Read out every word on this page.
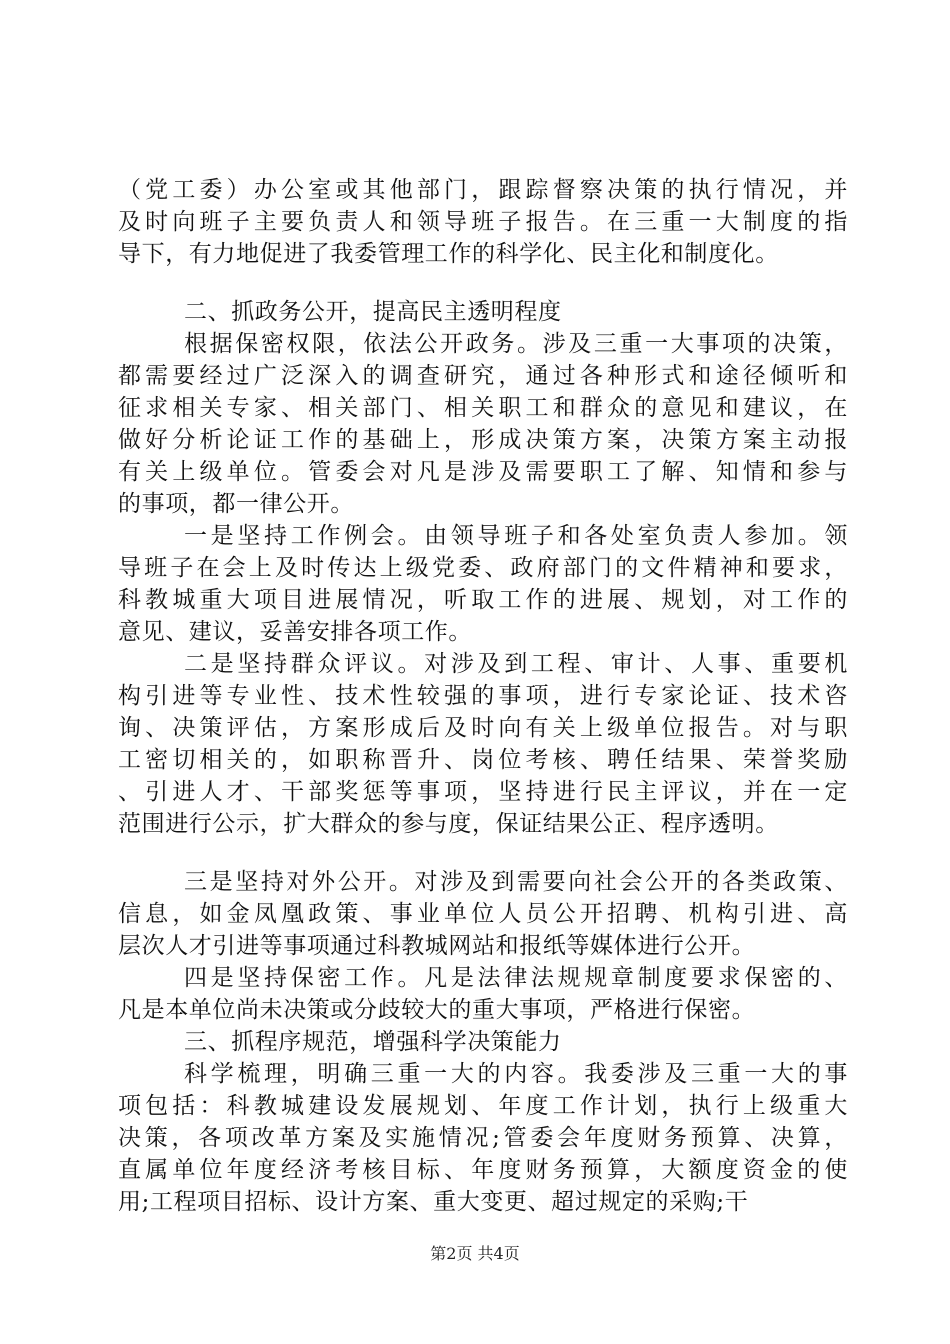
（党工委）办公室或其他部门，跟踪督察决策的执行情况，并
及时向班子主要负责人和领导班子报告。在三重一大制度的指
导下，有力地促进了我委管理工作的科学化、民主化和制度化。
二、抓政务公开，提高民主透明程度
根据保密权限，依法公开政务。涉及三重一大事项的决策，
都需要经过广泛深入的调查研究，通过各种形式和途径倾听和
征求相关专家、相关部门、相关职工和群众的意见和建议，在
做好分析论证工作的基础上，形成决策方案，决策方案主动报
有关上级单位。管委会对凡是涉及需要职工了解、知情和参与
的事项，都一律公开。
一是坚持工作例会。由领导班子和各处室负责人参加。领
导班子在会上及时传达上级党委、政府部门的文件精神和要求，
科教城重大项目进展情况，听取工作的进展、规划，对工作的
意见、建议，妥善安排各项工作。
二是坚持群众评议。对涉及到工程、审计、人事、重要机
构引进等专业性、技术性较强的事项，进行专家论证、技术咨
询、决策评估，方案形成后及时向有关上级单位报告。对与职
工密切相关的，如职称晋升、岗位考核、聘任结果、荣誉奖励
、引进人才、干部奖惩等事项，坚持进行民主评议，并在一定
范围进行公示，扩大群众的参与度，保证结果公正、程序透明。
三是坚持对外公开。对涉及到需要向社会公开的各类政策、
信息，如金凤凰政策、事业单位人员公开招聘、机构引进、高
层次人才引进等事项通过科教城网站和报纸等媒体进行公开。
四是坚持保密工作。凡是法律法规规章制度要求保密的、
凡是本单位尚未决策或分歧较大的重大事项，严格进行保密。
三、抓程序规范，增强科学决策能力
科学梳理，明确三重一大的内容。我委涉及三重一大的事
项包括：科教城建设发展规划、年度工作计划，执行上级重大
决策，各项改革方案及实施情况;管委会年度财务预算、决算，
直属单位年度经济考核目标、年度财务预算，大额度资金的使
用;工程项目招标、设计方案、重大变更、超过规定的采购;干
第2页 共4页
